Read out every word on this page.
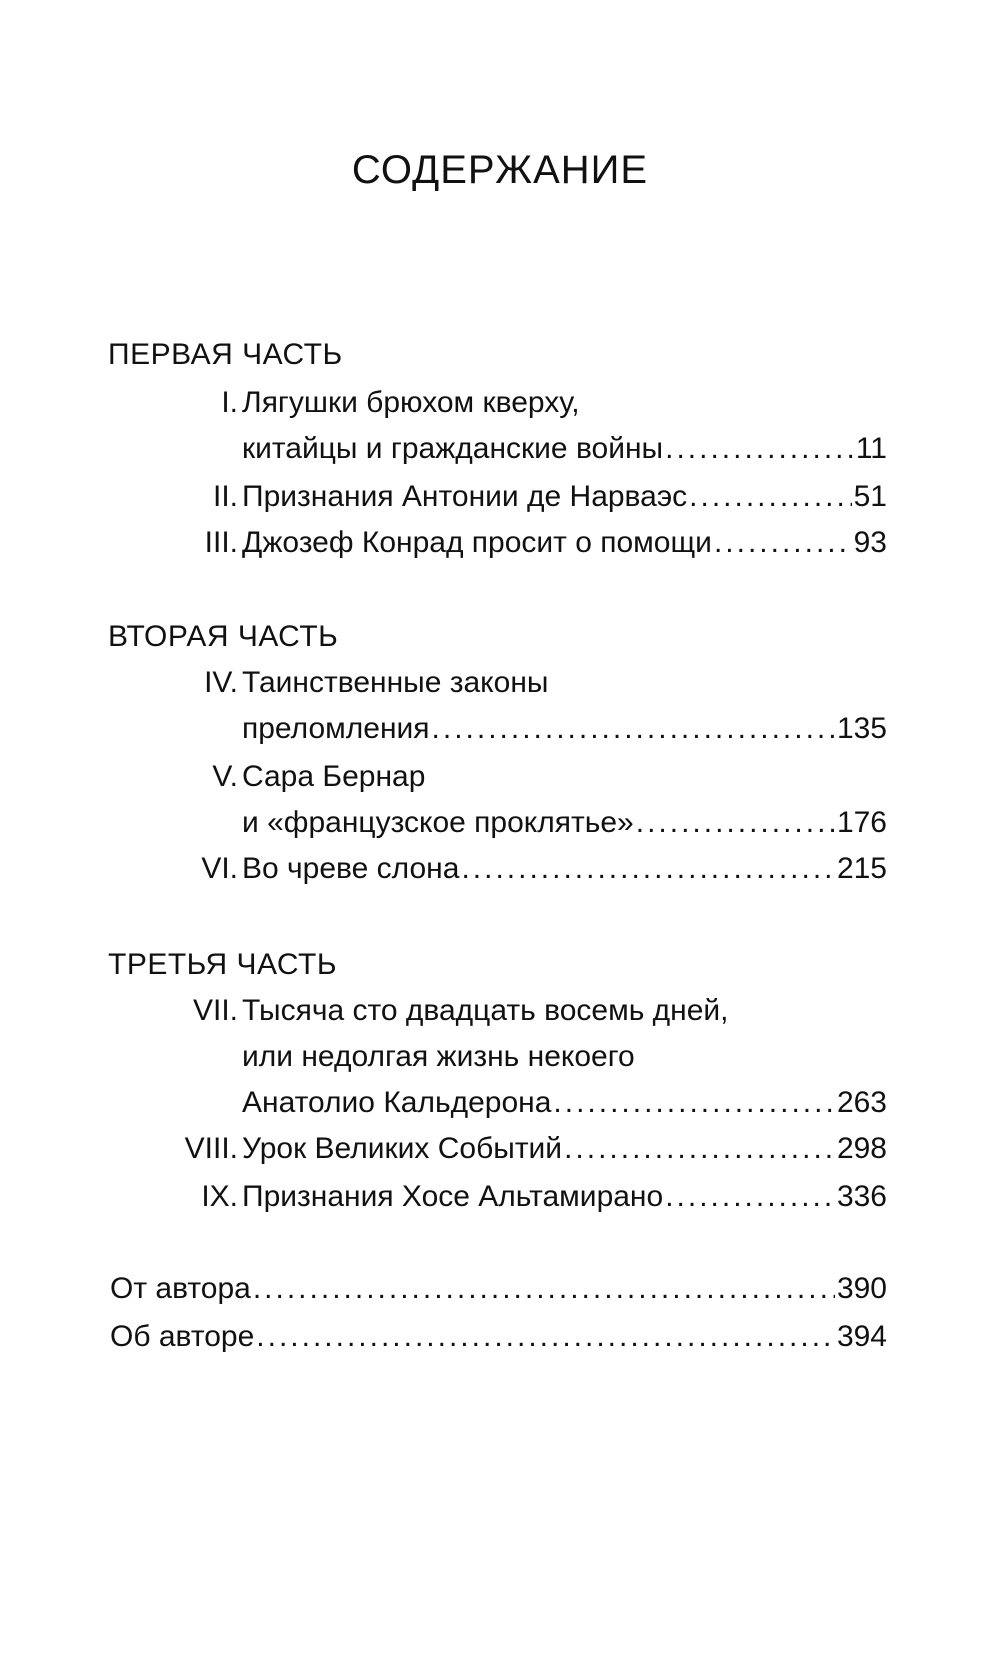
СОДЕРЖАНИЕ
ПЕРВАЯ ЧАСТЬ
I. Лягушки брюхом кверху,
китайцы и гражданские войны .....	11
II. Признания Антонии де Нарваэс .....	51
III. Джозеф Конрад просит о помощи .....	93
ВТОРАЯ ЧАСТЬ
IV. Таинственные законы
преломления .....	135
V. Сара Бернар
и «французское проклятье» .....	176
VI. Во чреве слона .....	215
ТРЕТЬЯ ЧАСТЬ
VII. Тысяча сто двадцать восемь дней,
или недолгая жизнь некоего
Анатолио Кальдерона .....	263
VIII. Урок Великих Событий .....	298
IX. Признания Хосе Альтамирано .....	336
От автора .....	390
Об авторе .....	394
